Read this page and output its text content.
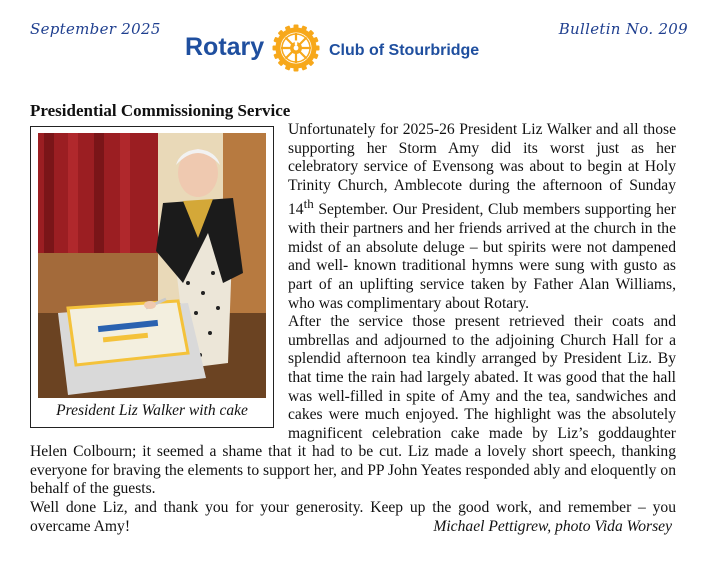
September 2025	Bulletin No. 209
Rotary	Club of Stourbridge
Presidential Commissioning Service
President Liz Walker with cake

Unfortunately for 2025-26 President Liz Walker and all those supporting her Storm Amy did its worst just as her celebratory service of Evensong was about to begin at Holy Trinity Church, Amblecote during the afternoon of Sunday 14th September. Our President, Club members supporting her with their partners and her friends arrived at the church in the midst of an absolute deluge – but spirits were not dampened and well- known traditional hymns were sung with gusto as part of an uplifting service taken by Father Alan Williams, who was complimentary about Rotary.

After the service those present retrieved their coats and umbrellas and adjourned to the adjoining Church Hall for a splendid afternoon tea kindly arranged by President Liz. By that time the rain had largely abated. It was good that the hall was well-filled in spite of Amy and the tea, sandwiches and cakes were much enjoyed. The highlight was the absolutely magnificent celebration cake made by Liz’s goddaughter Helen Colbourn; it seemed a shame that it had to be cut. Liz made a lovely short speech, thanking everyone for braving the elements to support her, and PP John Yeates responded ably and eloquently on behalf of the guests.

Well done Liz, and thank you for your generosity. Keep up the good work, and remember – you overcame Amy!	Michael Pettigrew, photo Vida Worsey
